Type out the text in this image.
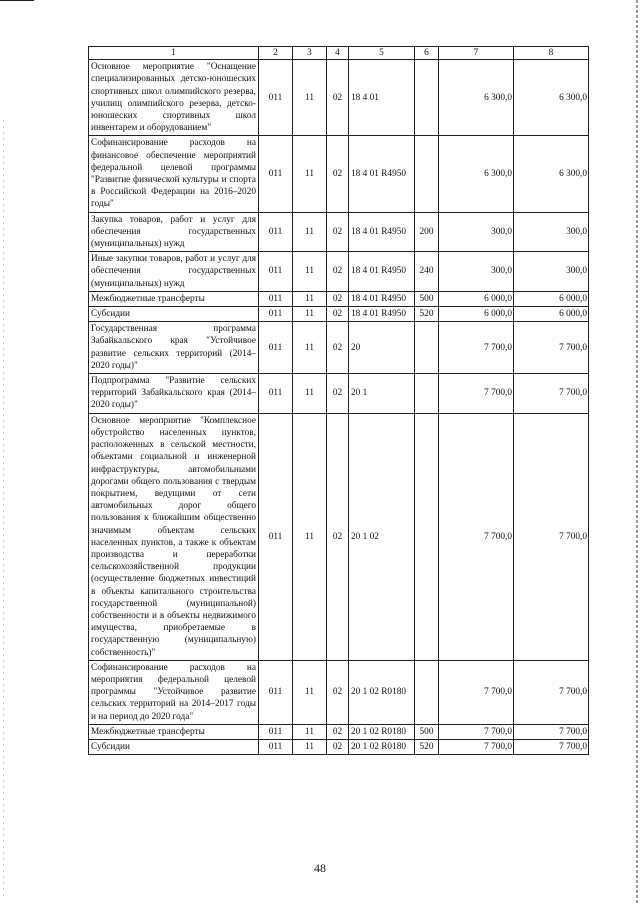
1	2	3	4	5	6	7	8
Основное мероприятие "Оснащение специализированных детско-юношеских спортивных школ олимпийского резерва, училищ олимпийского резерва, детско-юношеских спортивных школ инвентарем и оборудованием"	011	11	02	18 4 01		6 300,0	6 300,0
Софинансирование расходов на финансовое обеспечение мероприятий федеральной целевой программы "Развитие физической культуры и спорта в Российской Федерации на 2016–2020 годы"	011	11	02	18 4 01 R4950		6 300,0	6 300,0
Закупка товаров, работ и услуг для обеспечения государственных (муниципальных) нужд	011	11	02	18 4 01 R4950	200	300,0	300,0
Иные закупки товаров, работ и услуг для обеспечения государственных (муниципальных) нужд	011	11	02	18 4 01 R4950	240	300,0	300,0
Межбюджетные трансферты	011	11	02	18 4 01 R4950	500	6 000,0	6 000,0
Субсидии	011	11	02	18 4 01 R4950	520	6 000,0	6 000,0
Государственная программа Забайкальского края "Устойчивое развитие сельских территорий (2014–2020 годы)"	011	11	02	20		7 700,0	7 700,0
Подпрограмма "Развитие сельских территорий Забайкальского края (2014–2020 годы)"	011	11	02	20 1		7 700,0	7 700,0
Основное мероприятие "Комплексное обустройство населенных пунктов, расположенных в сельской местности, объектами социальной и инженерной инфраструктуры, автомобильными дорогами общего пользования с твердым покрытием, ведущими от сети автомобильных дорог общего пользования к ближайшим общественно значимым объектам сельских населенных пунктов, а также к объектам производства и переработки сельскохозяйственной продукции (осуществление бюджетных инвестиций в объекты капитального строительства государственной (муниципальной) собственности и в объекты недвижимого имущества, приобретаемые в государственную (муниципальную) собственность)"	011	11	02	20 1 02		7 700,0	7 700,0
Софинансирование расходов на мероприятия федеральной целевой программы "Устойчивое развитие сельских территорий на 2014–2017 годы и на период до 2020 года"	011	11	02	20 1 02 R0180		7 700,0	7 700,0
Межбюджетные трансферты	011	11	02	20 1 02 R0180	500	7 700,0	7 700,0
Субсидии	011	11	02	20 1 02 R0180	520	7 700,0	7 700,0
48
